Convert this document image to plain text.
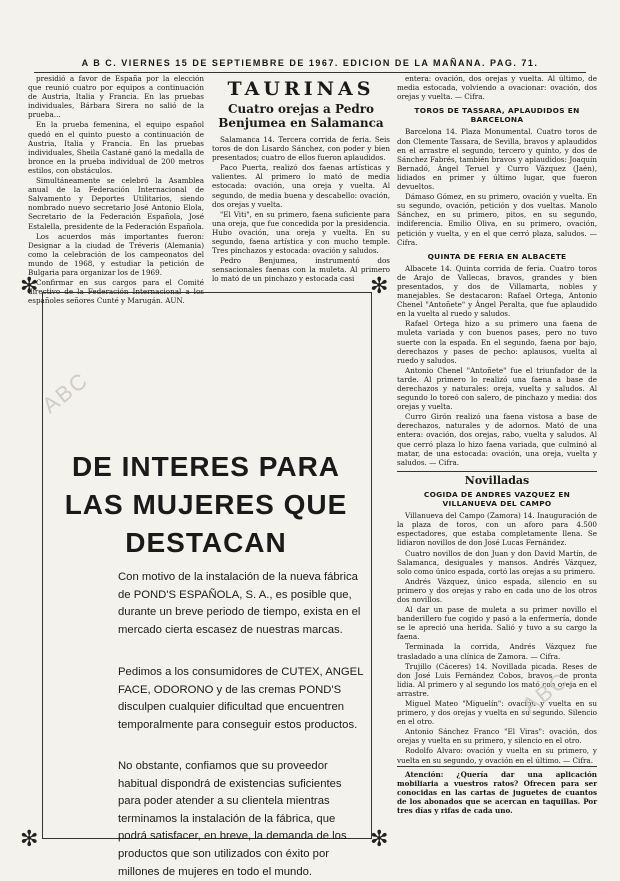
A B C. VIERNES 15 DE SEPTIEMBRE DE 1967. EDICION DE LA MAÑANA. PAG. 71.

presidió a favor de España por la elección que reunió cuatro por equipos a continuación de Austria, Italia y Francia. En las pruebas individuales, Bárbara Sirera no salió de la prueba...

En la prueba femenina, el equipo español quedó en el quinto puesto a continuación de Austria, Italia y Francia. En las pruebas individuales, Sheila Castané ganó la medalla de bronce en la prueba individual de 200 metros estilos, con obstáculos.

Simultáneamente se celebró la Asamblea anual de la Federación Internacional de Salvamento y Deportes Utilitarios, siendo nombrado nuevo secretario José Antonio Elola, Secretario de la Federación Española, José Estalella, presidente de la Federación Española.

Los acuerdos más importantes fueron: Designar a la ciudad de Tréveris (Alemania) como la celebración de los campeonatos del mundo de 1968, y estudiar la petición de Bulgaria para organizar los de 1969.

Confirmar en sus cargos para el Comité directivo de la Federación Internacional a los españoles señores Cunté y Marugán. AUN.

TAURINAS
Cuatro orejas a Pedro Benjumea en Salamanca

Salamanca 14. Tercera corrida de feria. Seis toros de don Lisardo Sánchez, con poder y bien presentados; cuatro de ellos fueron aplaudidos.

Paco Puerta, realizó dos faenas artísticas y valientes. Al primero lo mató de media estocada: ovación, una oreja y vuelta. Al segundo, de media buena y descabello: ovación, dos orejas y vuelta.

"El Viti", en su primero, faena suficiente para una oreja, que fue concedida por la presidencia. Hubo ovación, una oreja y vuelta. En su segundo, faena artística y con mucho temple. Tres pinchazos y estocada: ovación y saludos.

Pedro Benjumea, instrumentó dos sensacionales faenas con la muleta. Al primero lo mató de un pinchazo y estocada casi

entera: ovación, dos orejas y vuelta. Al último, de media estocada, volviendo a ovacionar: ovación, dos orejas y vuelta. — Cifra.

TOROS DE TASSARA, APLAUDIDOS EN BARCELONA

Barcelona 14. Plaza Monumental. Cuatro toros de don Clemente Tassara, de Sevilla, bravos y aplaudidos en el arrastre el segundo, tercero y quinto, y dos de Sánchez Fabrés, también bravos y aplaudidos: Joaquín Bernadó, Ángel Teruel y Curro Vázquez (Jaén), lidiados en primer y último lugar, que fueron devueltos.

Dámaso Gómez, en su primero, ovación y vuelta. En su segundo, ovación, petición y dos vueltas. Manolo Sánchez, en su primero, pitos, en su segundo, indiferencia. Emilio Oliva, en su primero, ovación, petición y vuelta, y en el que cerró plaza, saludos. — Cifra.

QUINTA DE FERIA EN ALBACETE

Albacete 14. Quinta corrida de feria. Cuatro toros de Arajo de Vallecas, bravos, grandes y bien presentados, y dos de Villamarta, nobles y manejables. Se destacaron: Rafael Ortega, Antonio Chenel "Antoñete" y Ángel Peralta, que fue aplaudido en la vuelta al ruedo y saludos.

Rafael Ortega hizo a su primero una faena de muleta variada y con buenos pases, pero no tuvo suerte con la espada. En el segundo, faena por bajo, derechazos y pases de pecho: aplausos, vuelta al ruedo y saludos.

Antonio Chenel "Antoñete" fue el triunfador de la tarde. Al primero lo realizó una faena a base de derechazos y naturales: oreja, vuelta y saludos. Al segundo lo toreó con salero, de pinchazo y media: dos orejas y vuelta.

Curro Girón realizó una faena vistosa a base de derechazos, naturales y de adornos. Mató de una entera: ovación, dos orejas, rabo, vuelta y saludos. Al que cerró plaza lo hizo faena variada, que culminó al matar, de una estocada: ovación, una oreja, vuelta y saludos. — Cifra.

Novilladas
COGIDA DE ANDRES VAZQUEZ EN VILLANUEVA DEL CAMPO

Villanueva del Campo (Zamora) 14. Inauguración de la plaza de toros, con un aforo para 4.500 espectadores, que estaba completamente llena. Se lidiaron novillos de don José Lucas Fernández.

Cuatro novillos de don Juan y don David Martín, de Salamanca, desiguales y mansos. Andrés Vázquez, solo como único espada, cortó las orejas a su primero.

Andrés Vázquez, único espada, silencio en su primero y dos orejas y rabo en cada uno de los otros dos novillos.

Al dar un pase de muleta a su primer novillo el banderillero fue cogido y pasó a la enfermería, donde se le apreció una herida. Salió y tuvo a su cargo la faena.

Terminada la corrida, Andrés Vázquez fue trasladado a una clínica de Zamora. — Cifra.

Trujillo (Cáceres) 14. Novillada picada. Reses de don José Luis Fernández Cobos, bravos, de pronta lidia. Al primero y al segundo los mató con oreja en el arrastre.

Miguel Mateo "Miguelín": ovación y vuelta en su primero, y dos orejas y vuelta en su segundo. Silencio en el otro.

Antonio Sánchez Franco "El Viras": ovación, dos orejas y vuelta en su primero, y silencio en el otro.

Rodolfo Alvaro: ovación y vuelta en su primero, y vuelta en su segundo, y ovación en el último. — Cifra.

Atención: ¿Quería dar una aplicación mobiliaria a vuestros ratos? Ofrecen para ser conocidas en las cartas de juguetes de cuantos de los abonados que se acercan en taquillas. Por tres días y rifas de cada uno.

✻	✻
✻	✻
DE INTERES PARA
LAS MUJERES QUE
DESTACAN
Con motivo de la instalación de la nueva fábrica de POND'S ESPAÑOLA, S. A., es posible que, durante un breve periodo de tiempo, exista en el mercado cierta escasez de nuestras marcas.
Pedimos a los consumidores de CUTEX, ANGEL FACE, ODORONO y de las cremas POND'S disculpen cualquier dificultad que encuentren temporalmente para conseguir estos productos.
No obstante, confiamos que su proveedor habitual dispondrá de existencias suficientes para poder atender a su clientela mientras terminamos la instalación de la fábrica, que podrá satisfacer, en breve, la demanda de los productos que son utilizados con éxito por millones de mujeres en todo el mundo.
ABC
ABC
